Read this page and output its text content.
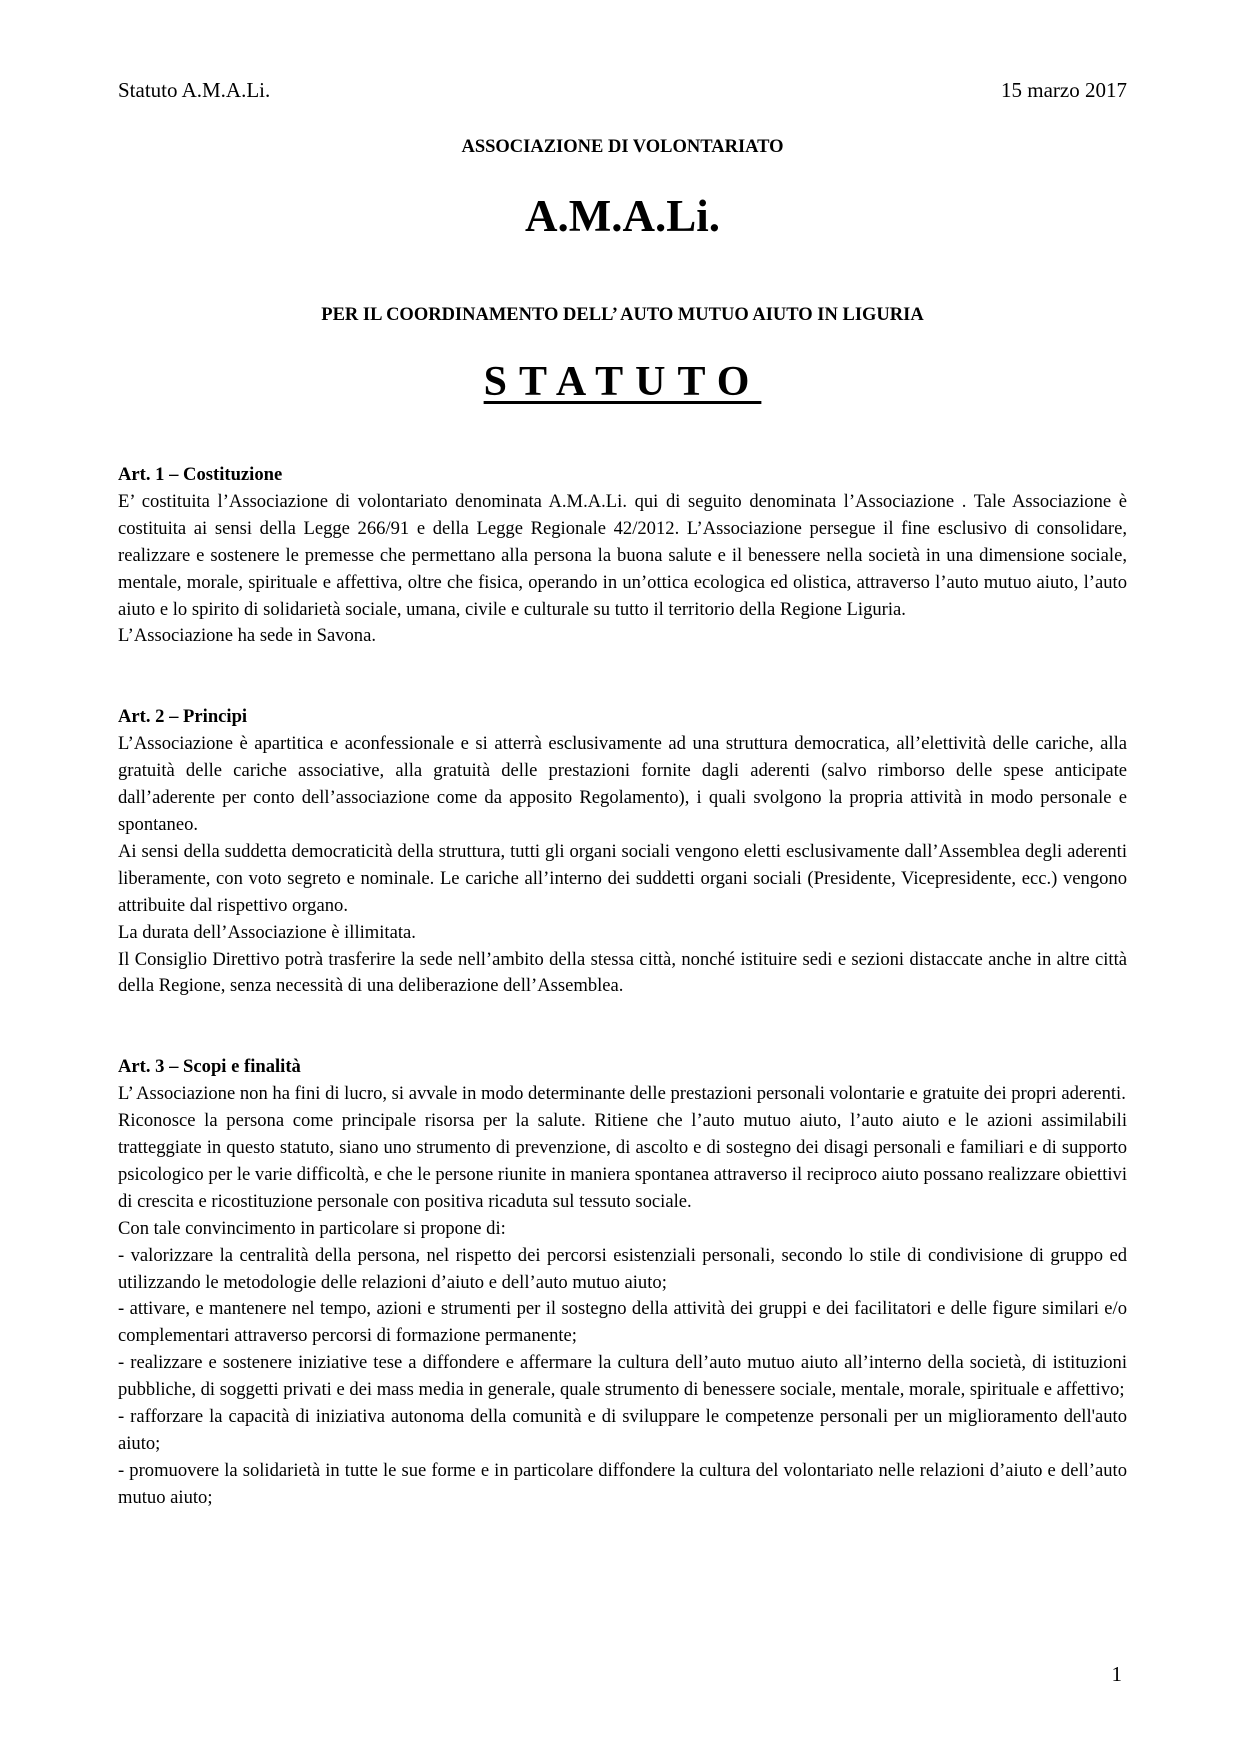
Statuto A.M.A.Li.	15 marzo 2017
ASSOCIAZIONE DI VOLONTARIATO
A.M.A.Li.
PER IL COORDINAMENTO DELL’ AUTO MUTUO AIUTO IN LIGURIA
STATUTO
Art. 1 – Costituzione

E’ costituita l’Associazione di volontariato denominata A.M.A.Li. qui di seguito denominata l’Associazione . Tale Associazione è costituita ai sensi della Legge 266/91 e della Legge Regionale 42/2012. L’Associazione persegue il fine esclusivo di consolidare, realizzare e sostenere le premesse che permettano alla persona la buona salute e il benessere nella società in una dimensione sociale, mentale, morale, spirituale e affettiva, oltre che fisica, operando in un’ottica ecologica ed olistica, attraverso l’auto mutuo aiuto, l’auto aiuto e lo spirito di solidarietà sociale, umana, civile e culturale su tutto il territorio della Regione Liguria.

L’Associazione ha sede in Savona.

Art. 2 – Principi

L’Associazione è apartitica e aconfessionale e si atterrà esclusivamente ad una struttura democratica, all’elettività delle cariche, alla gratuità delle cariche associative, alla gratuità delle prestazioni fornite dagli aderenti (salvo rimborso delle spese anticipate dall’aderente per conto dell’associazione come da apposito Regolamento), i quali svolgono la propria attività in modo personale e spontaneo.

Ai sensi della suddetta democraticità della struttura, tutti gli organi sociali vengono eletti esclusivamente dall’Assemblea degli aderenti liberamente, con voto segreto e nominale. Le cariche all’interno dei suddetti organi sociali (Presidente, Vicepresidente, ecc.) vengono attribuite dal rispettivo organo.

La durata dell’Associazione è illimitata.

Il Consiglio Direttivo potrà trasferire la sede nell’ambito della stessa città, nonché istituire sedi e sezioni distaccate anche in altre città della Regione, senza necessità di una deliberazione dell’Assemblea.

Art. 3 – Scopi e finalità

L’ Associazione non ha fini di lucro, si avvale in modo determinante delle prestazioni personali volontarie e gratuite dei propri aderenti.

Riconosce la persona come principale risorsa per la salute. Ritiene che l’auto mutuo aiuto, l’auto aiuto e le azioni assimilabili tratteggiate in questo statuto, siano uno strumento di prevenzione, di ascolto e di sostegno dei disagi personali e familiari e di supporto psicologico per le varie difficoltà, e che le persone riunite in maniera spontanea attraverso il reciproco aiuto possano realizzare obiettivi di crescita e ricostituzione personale con positiva ricaduta sul tessuto sociale.

Con tale convincimento in particolare si propone di:

- valorizzare la centralità della persona, nel rispetto dei percorsi esistenziali personali, secondo lo stile di condivisione di gruppo ed utilizzando le metodologie delle relazioni d’aiuto e dell’auto mutuo aiuto;

- attivare, e mantenere nel tempo, azioni e strumenti per il sostegno della attività dei gruppi e dei facilitatori e delle figure similari e/o complementari attraverso percorsi di formazione permanente;

- realizzare e sostenere iniziative tese a diffondere e affermare la cultura dell’auto mutuo aiuto all’interno della società, di istituzioni pubbliche, di soggetti privati e dei mass media in generale, quale strumento di benessere sociale, mentale, morale, spirituale e affettivo;

- rafforzare la capacità di iniziativa autonoma della comunità e di sviluppare le competenze personali per un miglioramento dell'auto aiuto;

- promuovere la solidarietà in tutte le sue forme e in particolare diffondere la cultura del volontariato nelle relazioni d’aiuto e dell’auto mutuo aiuto;

1
